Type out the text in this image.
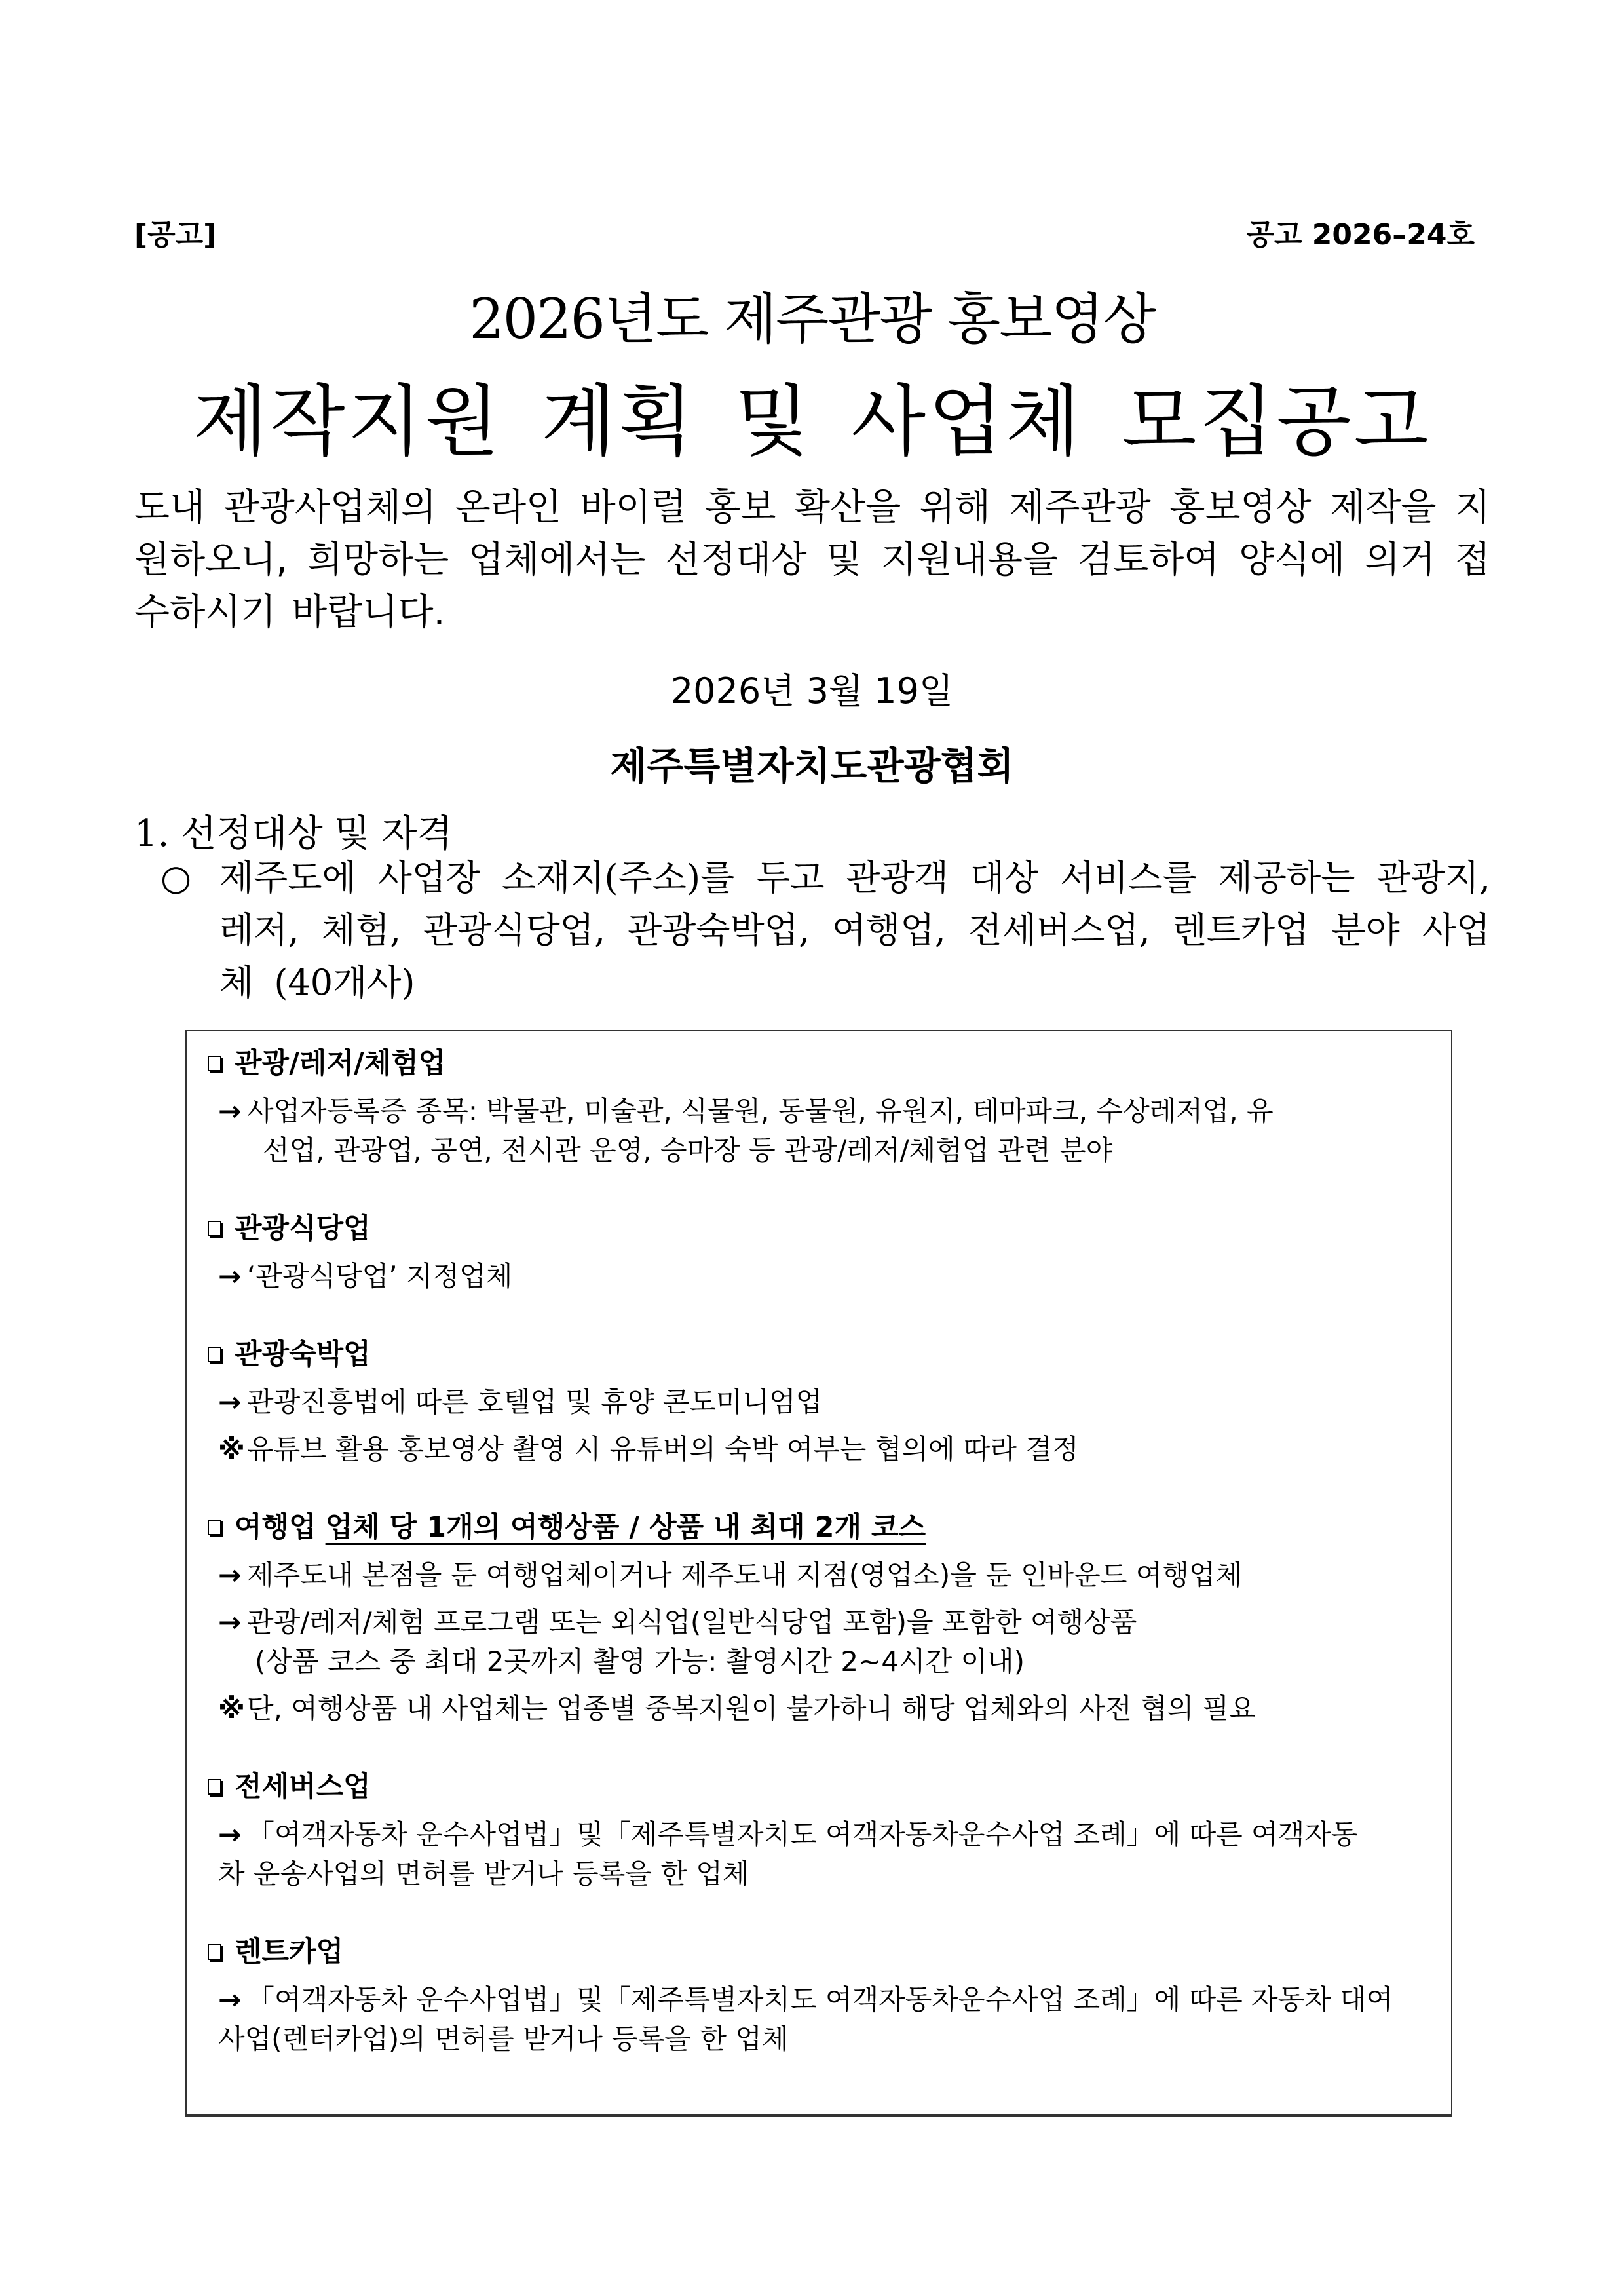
[공고]	공고 2026–24호
2026년도 제주관광 홍보영상
제작지원 계획 및 사업체 모집공고
도내 관광사업체의 온라인 바이럴 홍보 확산을 위해 제주관광 홍보영상 제작을 지원하오니, 희망하는 업체에서는 선정대상 및 지원내용을 검토하여 양식에 의거 접수하시기 바랍니다.
2026년 3월 19일
제주특별자치도관광협회
1. 선정대상 및 자격
○ 제주도에 사업장 소재지(주소)를 두고 관광객 대상 서비스를 제공하는 관광지, 레저, 체험, 관광식당업, 관광숙박업, 여행업, 전세버스업, 렌트카업 분야 사업체 (40개사)
관광/레저/체험업
→ 사업자등록증 종목: 박물관, 미술관, 식물원, 동물원, 유원지, 테마파크, 수상레저업, 유
선업, 관광업, 공연, 전시관 운영, 승마장 등 관광/레저/체험업 관련 분야
관광식당업
→ ‘관광식당업’ 지정업체
관광숙박업
→ 관광진흥법에 따른 호텔업 및 휴양 콘도미니엄업
※유튜브 활용 홍보영상 촬영 시 유튜버의 숙박 여부는 협의에 따라 결정
여행업 업체 당 1개의 여행상품 / 상품 내 최대 2개 코스
→ 제주도내 본점을 둔 여행업체이거나 제주도내 지점(영업소)을 둔 인바운드 여행업체
→ 관광/레저/체험 프로그램 또는 외식업(일반식당업 포함)을 포함한 여행상품
(상품 코스 중 최대 2곳까지 촬영 가능: 촬영시간 2~4시간 이내)
※단, 여행상품 내 사업체는 업종별 중복지원이 불가하니 해당 업체와의 사전 협의 필요
전세버스업
→ 「여객자동차 운수사업법」및「제주특별자치도 여객자동차운수사업 조례」에 따른 여객자동
차 운송사업의 면허를 받거나 등록을 한 업체
렌트카업
→ 「여객자동차 운수사업법」및「제주특별자치도 여객자동차운수사업 조례」에 따른 자동차 대여
사업(렌터카업)의 면허를 받거나 등록을 한 업체
